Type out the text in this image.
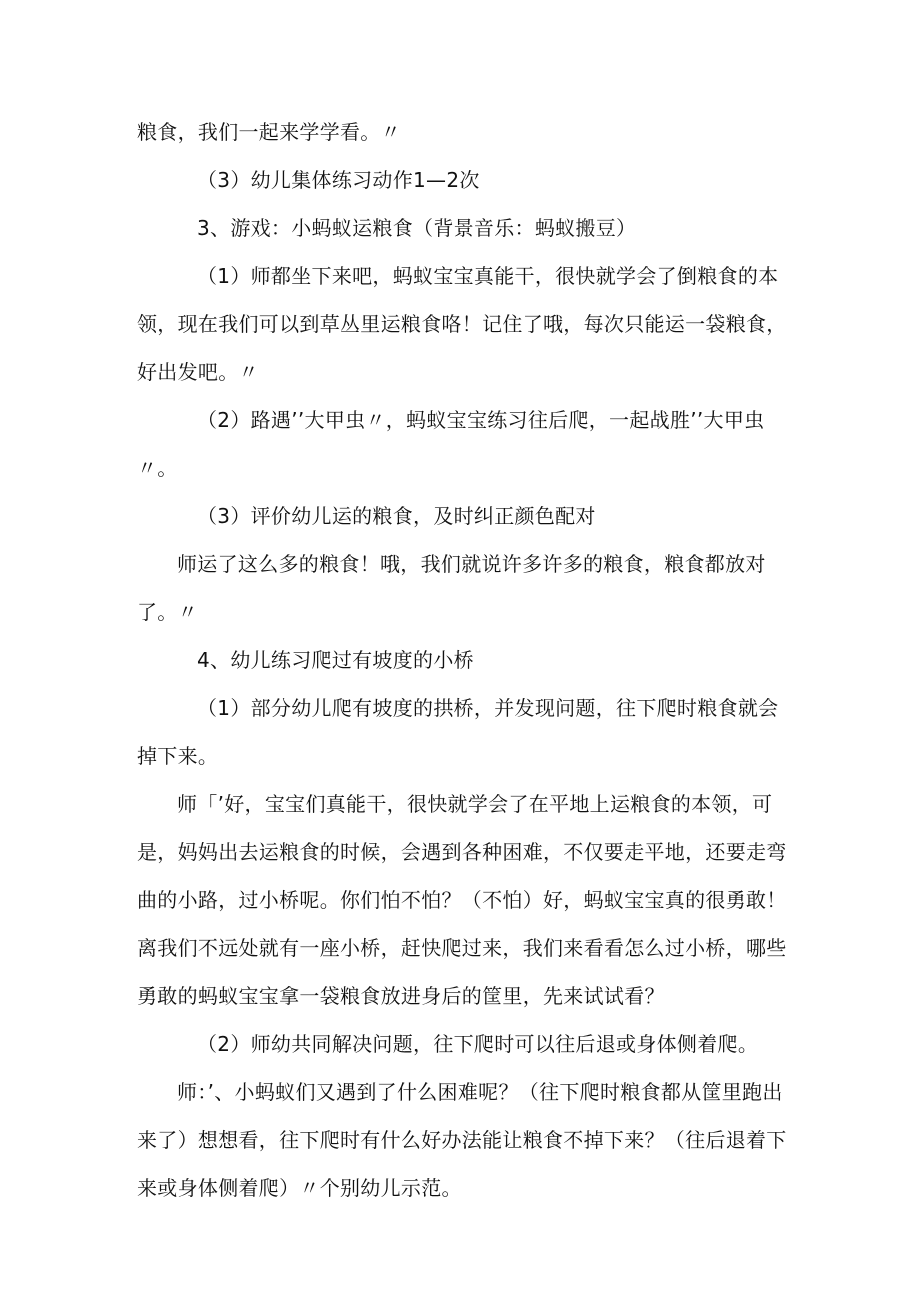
粮食，我们一起来学学看。〃

（3）幼儿集体练习动作1—2次

3、游戏：小蚂蚁运粮食（背景音乐：蚂蚁搬豆）

（1）师都坐下来吧，蚂蚁宝宝真能干，很快就学会了倒粮食的本领，现在我们可以到草丛里运粮食咯！记住了哦，每次只能运一袋粮食，好出发吧。〃

（2）路遇’’大甲虫〃，蚂蚁宝宝练习往后爬，一起战胜’’大甲虫〃。

（3）评价幼儿运的粮食，及时纠正颜色配对

师运了这么多的粮食！哦，我们就说许多许多的粮食，粮食都放对了。〃

4、幼儿练习爬过有坡度的小桥

（1）部分幼儿爬有坡度的拱桥，并发现问题，往下爬时粮食就会掉下来。

师「’好，宝宝们真能干，很快就学会了在平地上运粮食的本领，可是，妈妈出去运粮食的时候，会遇到各种困难，不仅要走平地，还要走弯曲的小路，过小桥呢。你们怕不怕？（不怕）好，蚂蚁宝宝真的很勇敢！离我们不远处就有一座小桥，赶快爬过来，我们来看看怎么过小桥，哪些勇敢的蚂蚁宝宝拿一袋粮食放进身后的筐里，先来试试看？

（2）师幼共同解决问题，往下爬时可以往后退或身体侧着爬。

师：’、小蚂蚁们又遇到了什么困难呢？（往下爬时粮食都从筐里跑出来了）想想看，往下爬时有什么好办法能让粮食不掉下来？（往后退着下来或身体侧着爬）〃个别幼儿示范。
